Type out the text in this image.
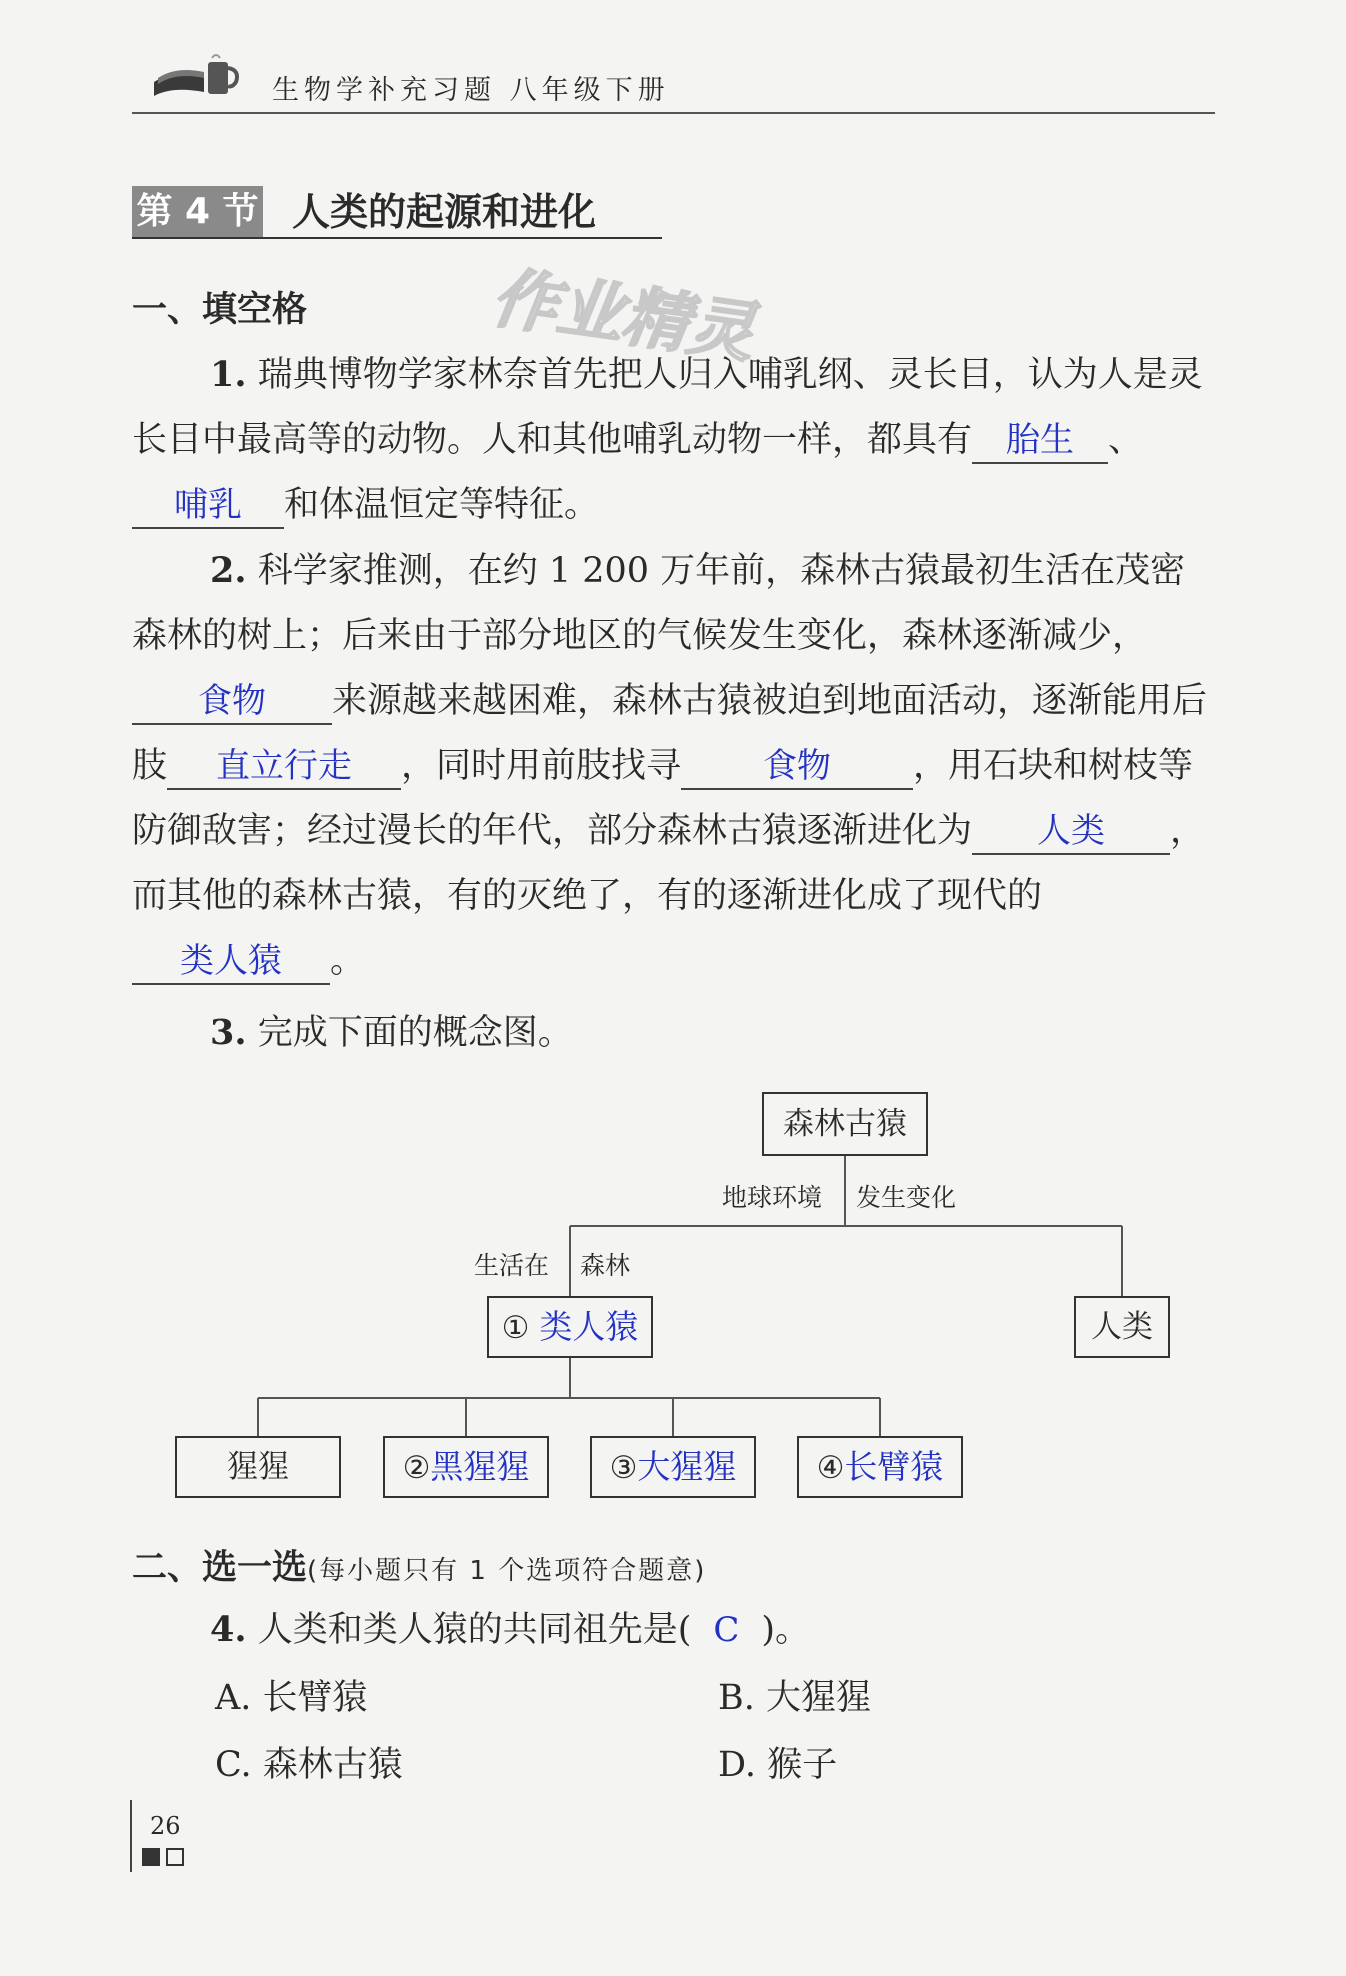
生物学补充习题 八年级下册
第 4 节 人类的起源和进化
作业精灵
一、填空格

1. 瑞典博物学家林奈首先把人归入哺乳纲、灵长目，认为人是灵长目中最高等的动物。人和其他哺乳动物一样，都具有 胎生 、哺乳 和体温恒定等特征。

2. 科学家推测，在约 1 200 万年前，森林古猿最初生活在茂密森林的树上；后来由于部分地区的气候发生变化，森林逐渐减少，食物 来源越来越困难，森林古猿被迫到地面活动，逐渐能用后肢 直立行走 ，同时用前肢找寻 食物 ，用石块和树枝等防御敌害；经过漫长的年代，部分森林古猿逐渐进化为 人类 ，而其他的森林古猿，有的灭绝了，有的逐渐进化成了现代的类人猿 。

3. 完成下面的概念图。

森林古猿
地球环境 发生变化
生活在 森林
① 类人猿	人类
猩猩	②黑猩猩	③大猩猩	④长臂猿
二、选一选(每小题只有 1 个选项符合题意)
4. 人类和类人猿的共同祖先是( C )。
A. 长臂猿	B. 大猩猩
C. 森林古猿	D. 猴子
26
